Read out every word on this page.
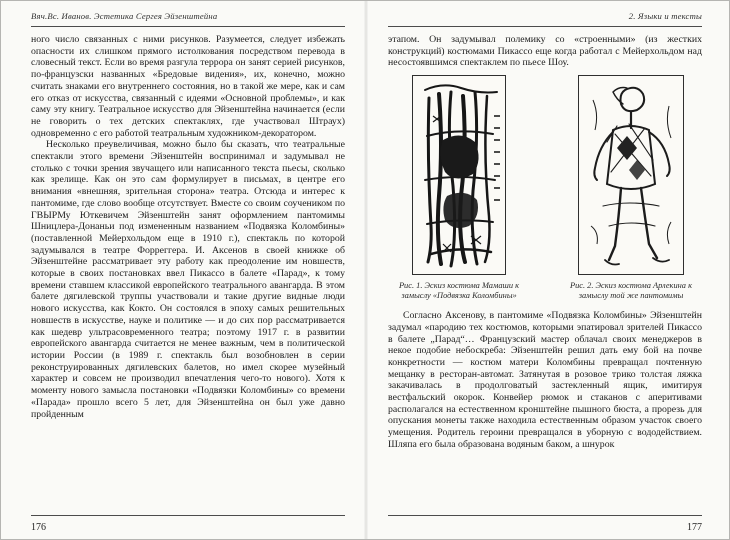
Вяч.Вс. Иванов. Эстетика Сергея Эйзенштейна

ного число связанных с ними рисунков. Разумеется, следует избежать опасности их слишком прямого истолкования посредством перевода в словесный текст. Если во время разгула террора он занят серией рисунков, по-французски названных «Бредовые видения», их, конечно, можно считать знаками его внутреннего состояния, но в такой же мере, как и сам его отказ от искусства, связанный с идеями «Основной проблемы», и как саму эту книгу. Театральное искусство для Эйзенштейна начинается (если не говорить о тех детских спектаклях, где участвовал Штраух) одновременно с его работой театральным художником-декоратором.

Несколько преувеличивая, можно было бы сказать, что театральные спектакли этого времени Эйзенштейн воспринимал и задумывал не столько с точки зрения звучащего или написанного текста пьесы, сколько как зрелище. Как он это сам формулирует в письмах, в центре его внимания «внешняя, зрительная сторона» театра. Отсюда и интерес к пантомиме, где слово вообще отсутствует. Вместе со своим соучеником по ГВЫРМу Юткевичем Эйзенштейн занят оформлением пантомимы Шницлера-Донаньи под измененным названием «Подвязка Коломбины» (поставленной Мейерхольдом еще в 1910 г.), спектакль по которой задумывался в театре Форреггера. И. Аксенов в своей книжке об Эйзенштейне рассматривает эту работу как преодоление им новшеств, которые в своих постановках ввел Пикассо в балете «Парад», к тому времени ставшем классикой европейского театрального авангарда. В этом балете дягилевской труппы участвовали и такие другие видные люди нового искусства, как Кокто. Он состоялся в эпоху самых решительных новшеств в искусстве, науке и политике — и до сих пор рассматривается как шедевр ультрасовременного театра; поэтому 1917 г. в развитии европейского авангарда считается не менее важным, чем в политической истории России (в 1989 г. спектакль был возобновлен в серии реконструированных дягилевских балетов, но имел скорее музейный характер и совсем не производил впечатления чего-то нового). Хотя к моменту нового замысла постановки «Подвязки Коломбины» со времени «Парада» прошло всего 5 лет, для Эйзенштейна он был уже давно пройденным

176
2. Языки и тексты

этапом. Он задумывал полемику со «строенными» (из жестких конструкций) костюмами Пикассо еще когда работал с Мейерхольдом над несостоявшимся спектаклем по пьесе Шоу.

Рис. 1. Эскиз костюма Мамаши к замыслу «Подвязка Коломбины»
Рис. 2. Эскиз костюма Арлекина к замыслу той же пантомимы

Согласно Аксенову, в пантомиме «Подвязка Коломбины» Эйзенштейн задумал «пародию тех костюмов, которыми эпатировал зрителей Пикассо в балете „Парад“… Французский мастер облачал своих менеджеров в некое подобие небоскреба: Эйзенштейн решил дать ему бой на почве конкретности — костюм матери Коломбины превращал почтенную мещанку в ресторан-автомат. Затянутая в розовое трико толстая ляжка закачивалась в продолговатый застекленный ящик, имитируя вестфальский окорок. Конвейер рюмок и стаканов с аперитивами располагался на естественном кронштейне пышного бюста, а прорезь для опускания монеты также находила естественным образом участок своего умещения. Родитель героини превращался в уборную с вододействием. Шляпа его была образована водяным баком, а шнурок

177
